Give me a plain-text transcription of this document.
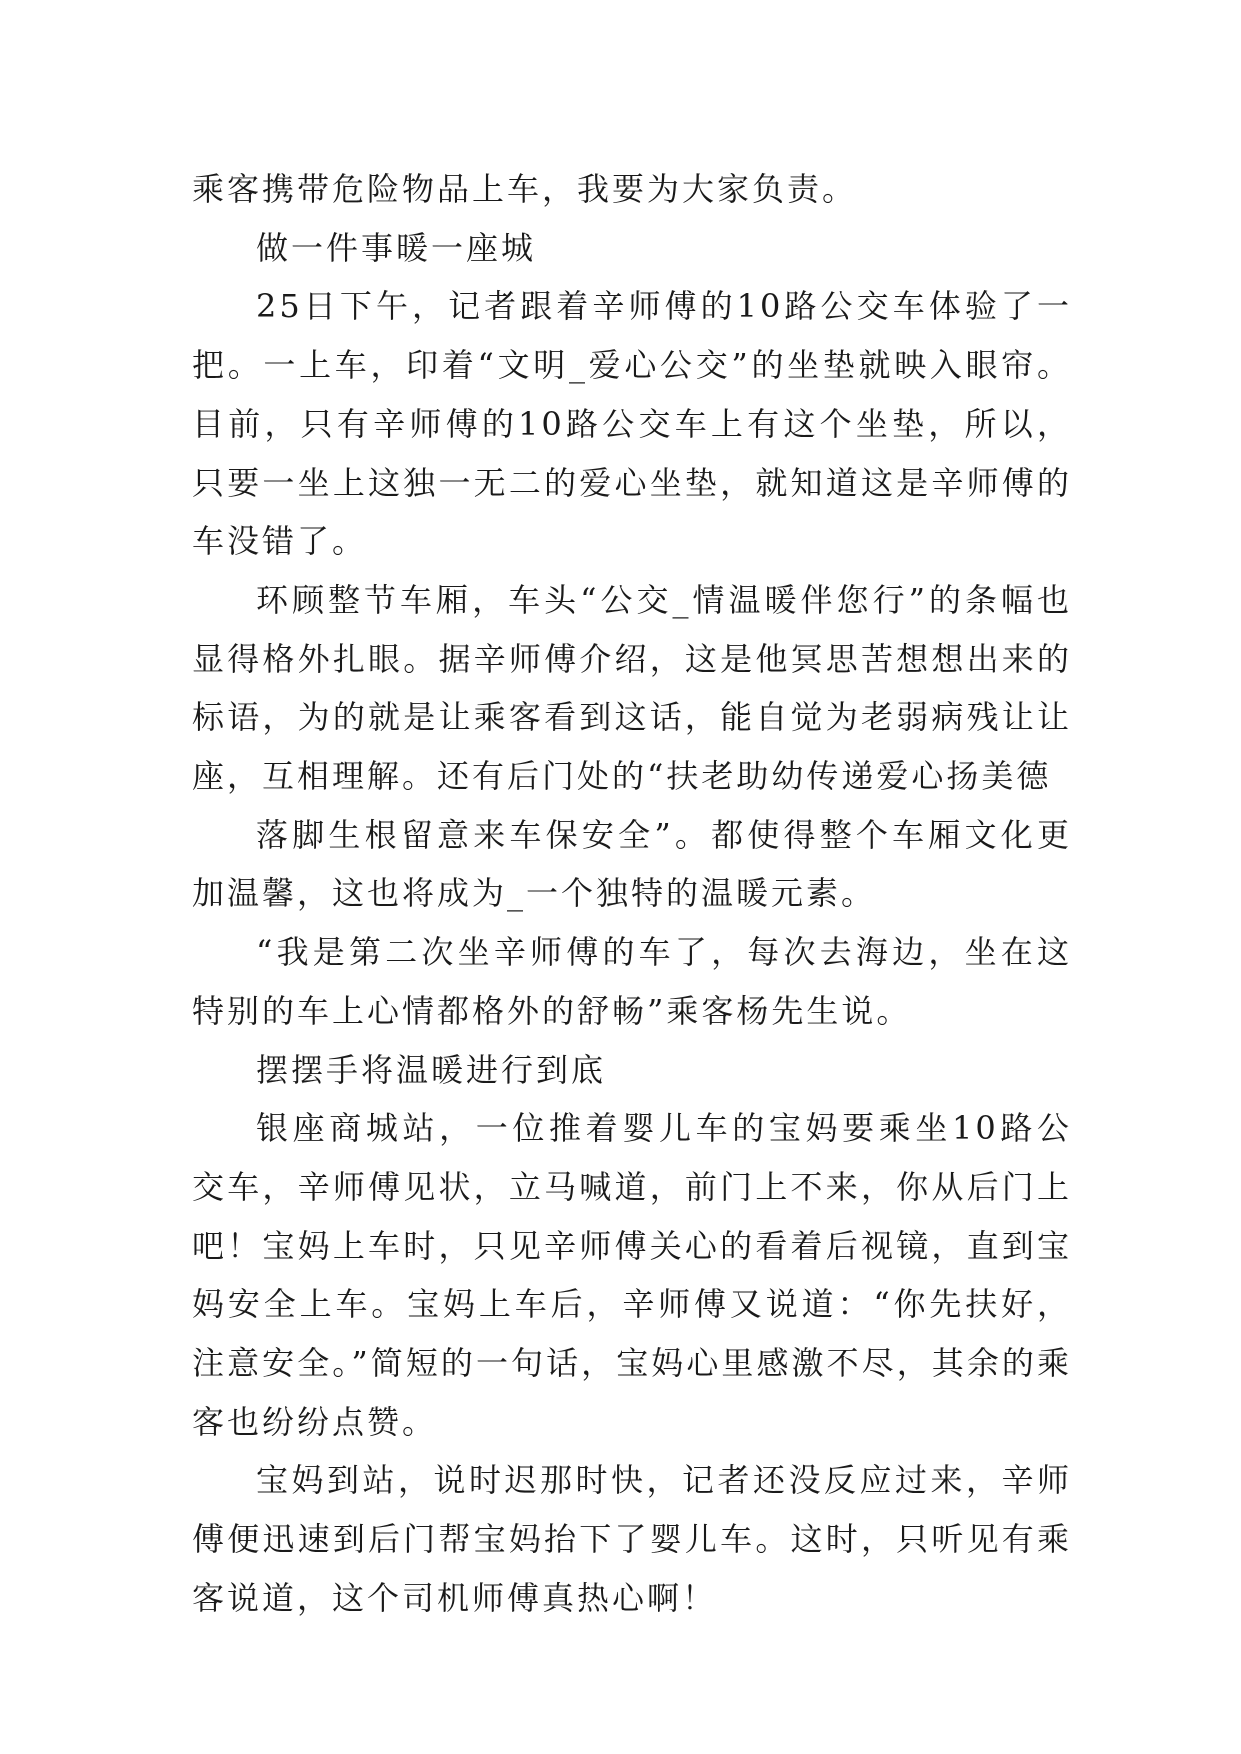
乘客携带危险物品上车，我要为大家负责。

做一件事暖一座城

25日下午，记者跟着辛师傅的10路公交车体验了一把。一上车，印着“文明_爱心公交”的坐垫就映入眼帘。目前，只有辛师傅的10路公交车上有这个坐垫，所以，只要一坐上这独一无二的爱心坐垫，就知道这是辛师傅的车没错了。

环顾整节车厢，车头“公交_情温暖伴您行”的条幅也显得格外扎眼。据辛师傅介绍，这是他冥思苦想想出来的标语，为的就是让乘客看到这话，能自觉为老弱病残让让座，互相理解。还有后门处的“扶老助幼传递爱心扬美德

落脚生根留意来车保安全”。都使得整个车厢文化更加温馨，这也将成为_一个独特的温暖元素。

“我是第二次坐辛师傅的车了，每次去海边，坐在这特别的车上心情都格外的舒畅”乘客杨先生说。

摆摆手将温暖进行到底

银座商城站，一位推着婴儿车的宝妈要乘坐10路公交车，辛师傅见状，立马喊道，前门上不来，你从后门上吧！宝妈上车时，只见辛师傅关心的看着后视镜，直到宝妈安全上车。宝妈上车后，辛师傅又说道：“你先扶好，注意安全。”简短的一句话，宝妈心里感激不尽，其余的乘客也纷纷点赞。

宝妈到站，说时迟那时快，记者还没反应过来，辛师傅便迅速到后门帮宝妈抬下了婴儿车。这时，只听见有乘客说道，这个司机师傅真热心啊！
